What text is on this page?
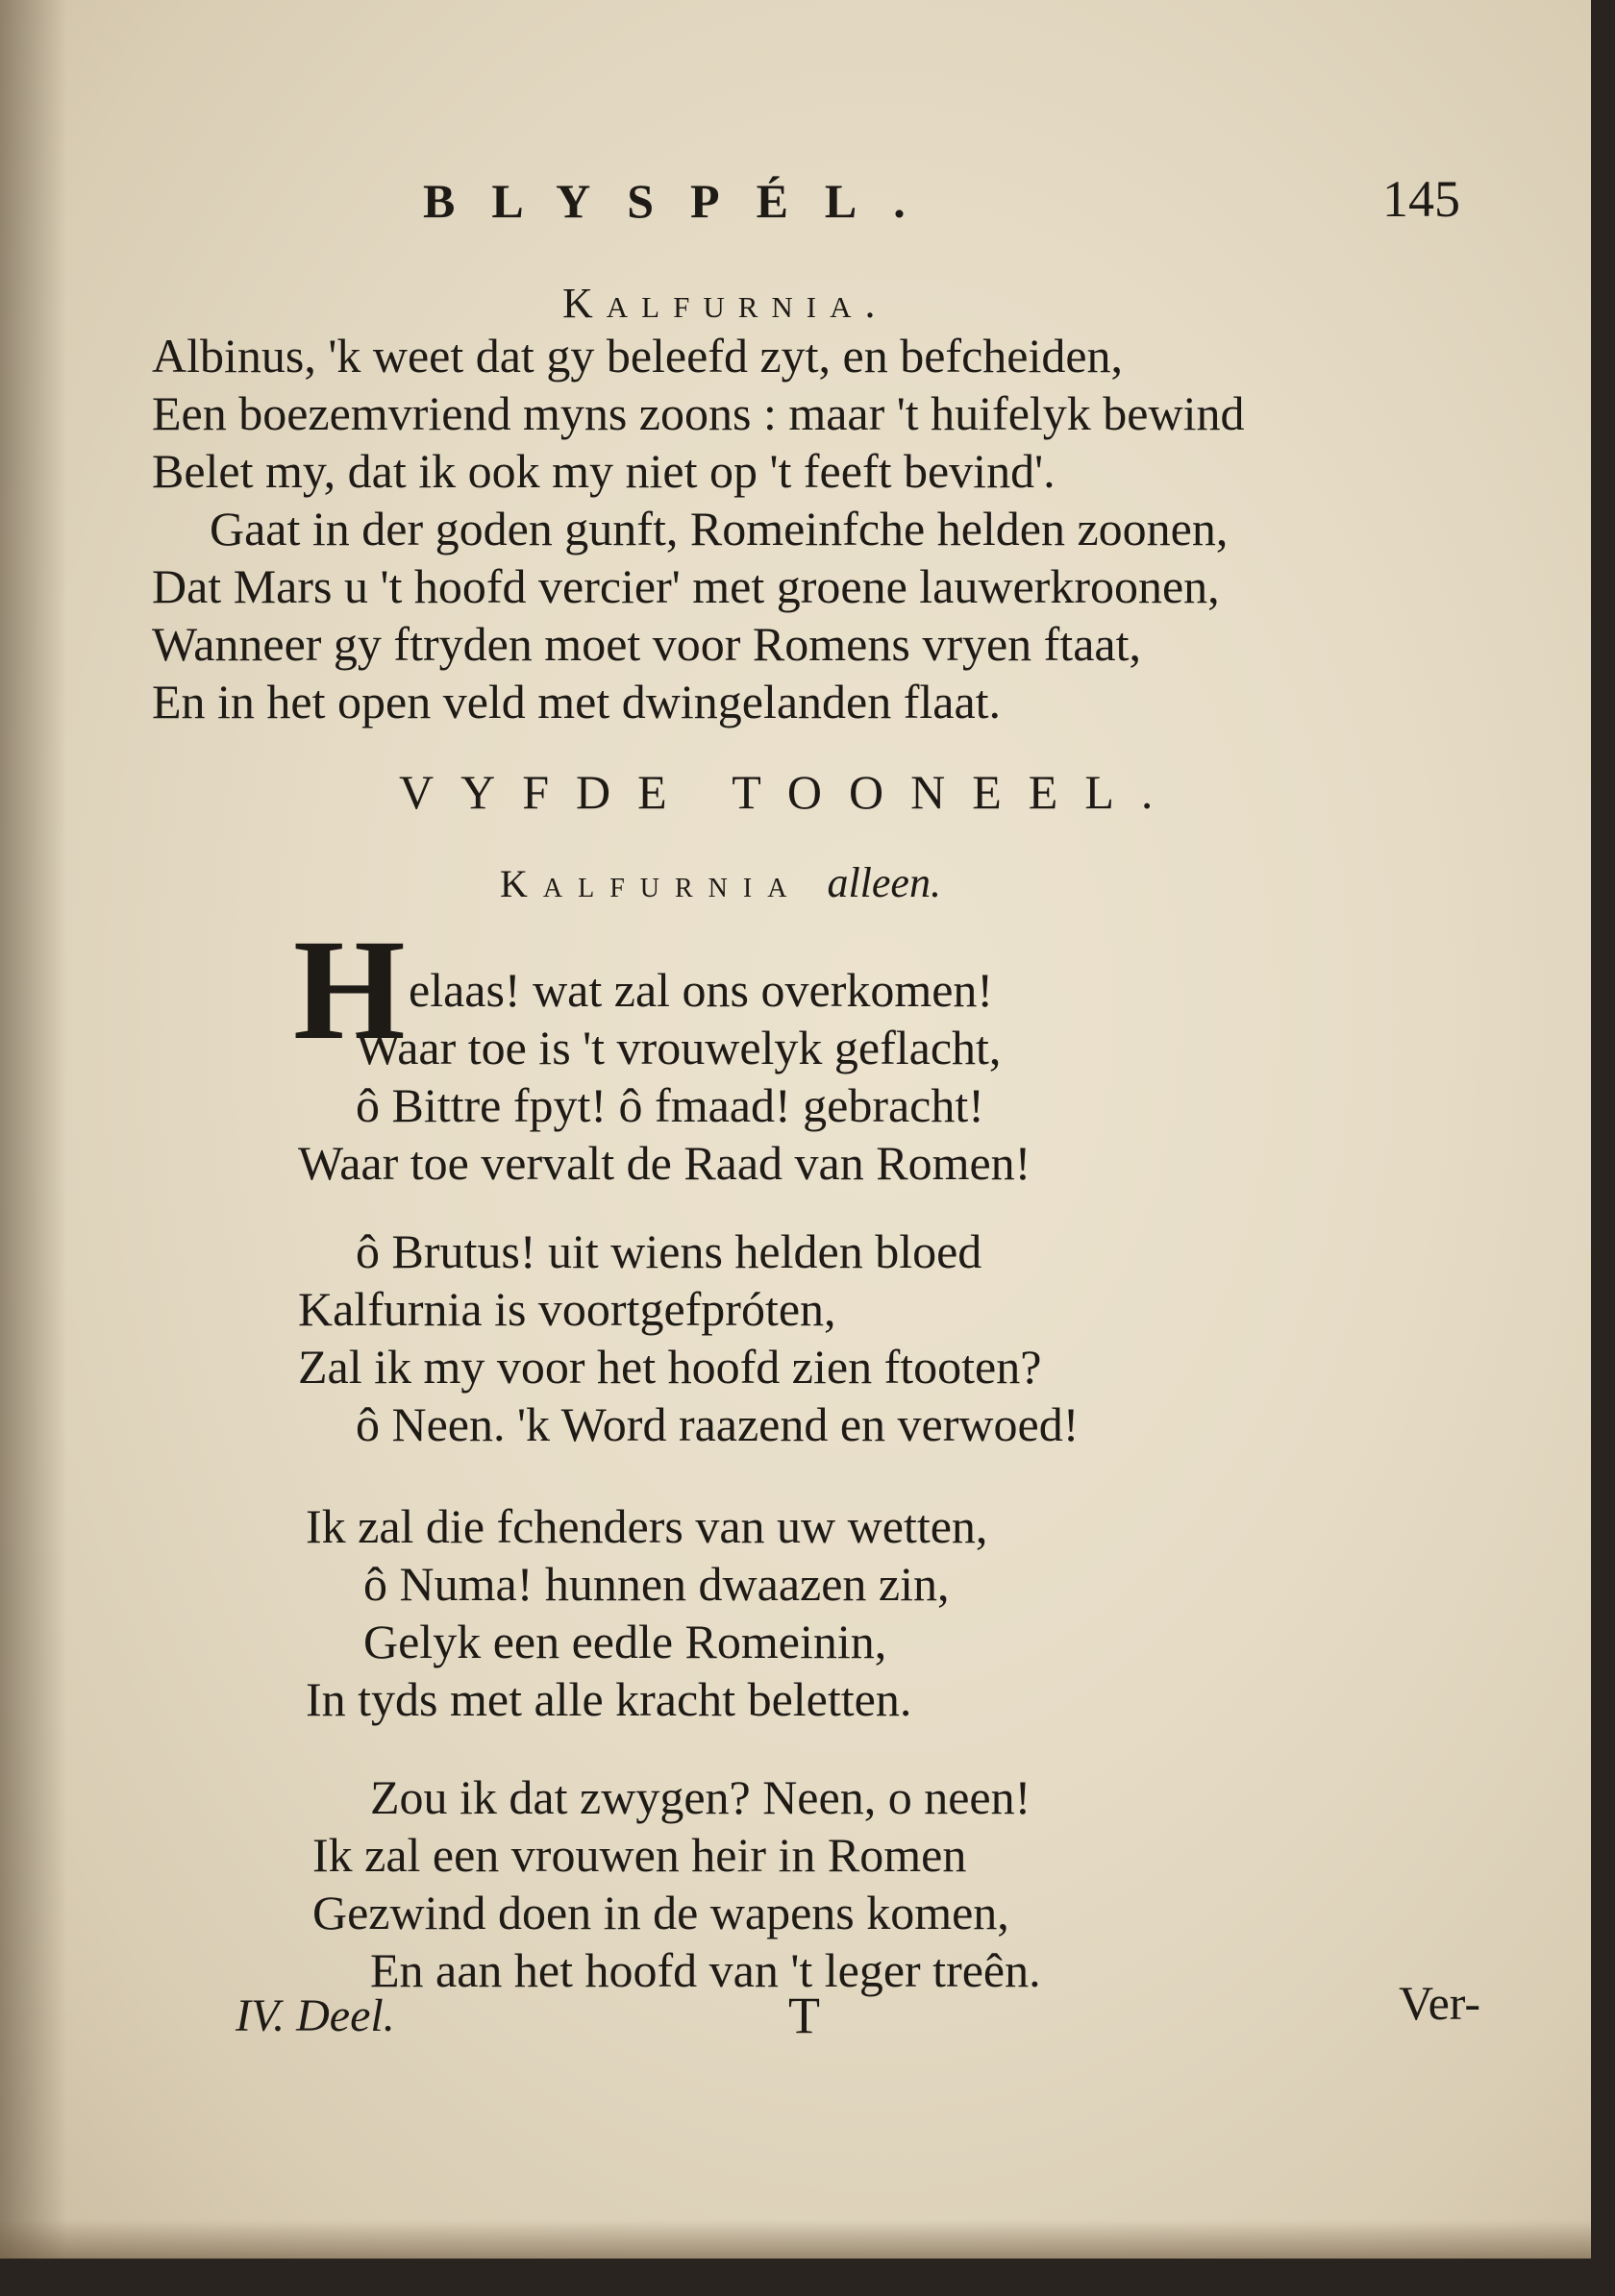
BLYSPÉL.	145
Kalfurnia.
Albinus, 'k weet dat gy beleefd zyt, en befcheiden,
Een boezemvriend myns zoons : maar 't huifelyk bewind
Belet my, dat ik ook my niet op 't feeft bevind'.
Gaat in der goden gunft, Romeinfche helden zoonen,
Dat Mars u 't hoofd vercier' met groene lauwerkroonen,
Wanneer gy ftryden moet voor Romens vryen ftaat,
En in het open veld met dwingelanden flaat.
VYFDE TOONEEL.
Kalfurnia alleen.
H elaas! wat zal ons overkomen!
Waar toe is 't vrouwelyk geflacht,
ô Bittre fpyt! ô fmaad! gebracht!
Waar toe vervalt de Raad van Romen!
ô Brutus! uit wiens helden bloed
Kalfurnia is voortgefpróten,
Zal ik my voor het hoofd zien ftooten?
ô Neen. 'k Word raazend en verwoed!
Ik zal die fchenders van uw wetten,
ô Numa! hunnen dwaazen zin,
Gelyk een eedle Romeinin,
In tyds met alle kracht beletten.
Zou ik dat zwygen? Neen, o neen!
Ik zal een vrouwen heir in Romen
Gezwind doen in de wapens komen,
En aan het hoofd van 't leger treên.
IV. Deel.	T	Ver-
